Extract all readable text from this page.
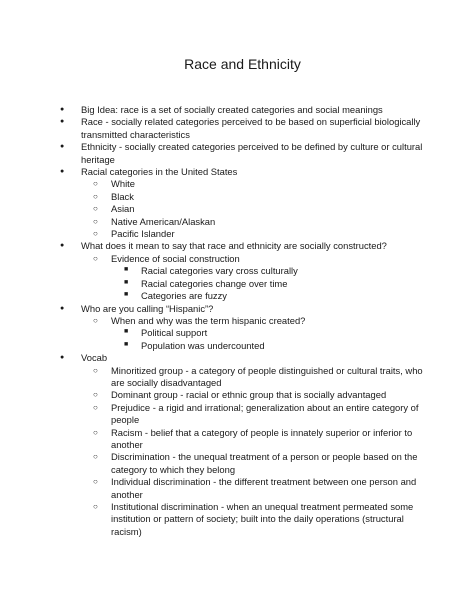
Race and Ethnicity
●	Big Idea: race is a set of socially created categories and social meanings
●	Race - socially related categories perceived to be based on superficial biologically transmitted characteristics
●	Ethnicity - socially created categories perceived to be defined by culture or cultural heritage
●	Racial categories in the United States
○ White
○ Black
○ Asian
○ Native American/Alaskan
○ Pacific Islander
●	What does it mean to say that race and ethnicity are socially constructed?
○ Evidence of social construction
■ Racial categories vary cross culturally
■ Racial categories change over time
■ Categories are fuzzy
●	Who are you calling “Hispanic”?
○ When and why was the term hispanic created?
■ Political support
■ Population was undercounted
●	Vocab
○ Minoritized group - a category of people distinguished or cultural traits, who are socially disadvantaged
○ Dominant group - racial or ethnic group that is socially advantaged
○ Prejudice - a rigid and irrational; generalization about an entire category of people
○ Racism - belief that a category of people is innately superior or inferior to another
○ Discrimination - the unequal treatment of a person or people based on the category to which they belong
○ Individual discrimination - the different treatment between one person and another
○ Institutional discrimination - when an unequal treatment permeated some institution or pattern of society; built into the daily operations (structural racism)
